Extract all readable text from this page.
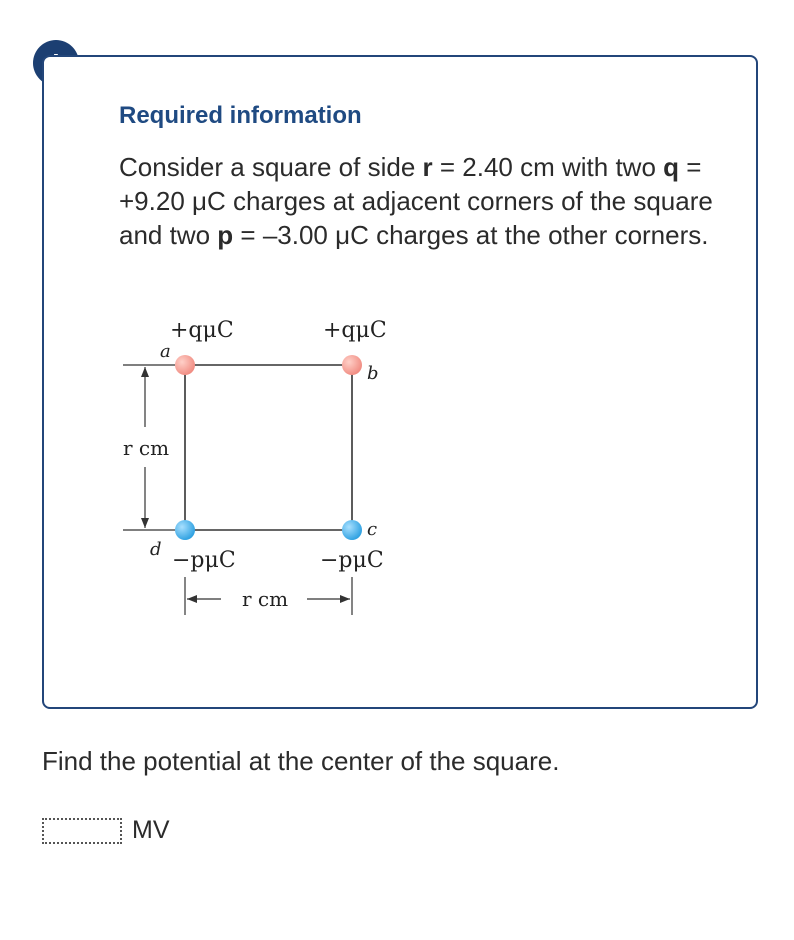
Required information

Consider a square of side r = 2.40 cm with two q = +9.20 μC charges at adjacent corners of the square and two p = –3.00 μC charges at the other corners.

r cm
r cm
+qμC	+qμC
−pμC	−pμC
a
b
c
d

Find the potential at the center of the square.

MV
